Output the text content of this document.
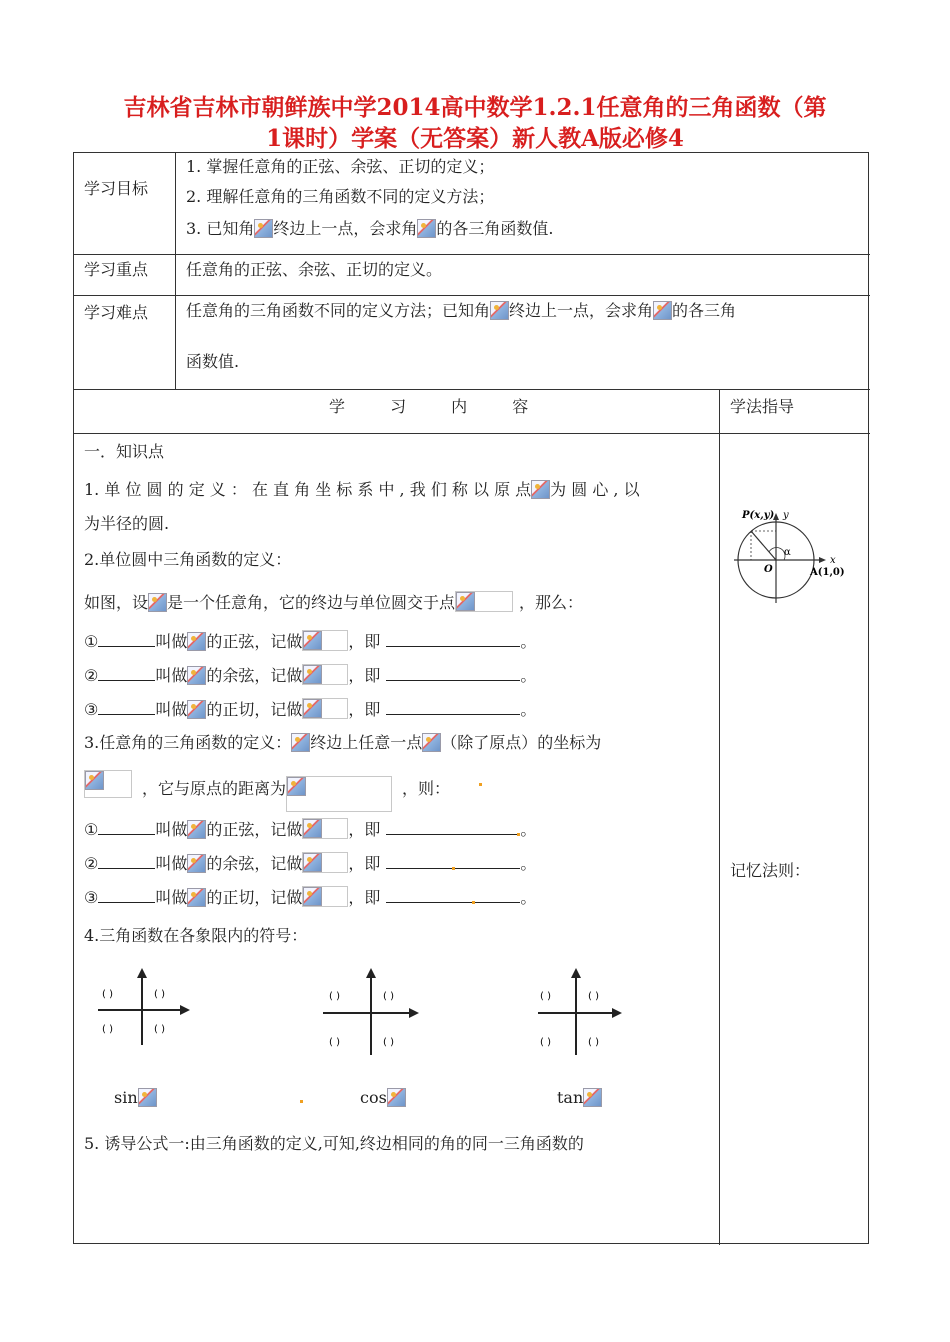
吉林省吉林市朝鲜族中学2014高中数学1.2.1任意角的三角函数（第
1课时）学案（无答案）新人教A版必修4
学习目标
1. 掌握任意角的正弦、余弦、正切的定义；
2. 理解任意角的三角函数不同的定义方法；
3. 已知角 终边上一点，会求角 的各三角函数值.
学习重点 任意角的正弦、余弦、正切的定义。
学习难点 任意角的三角函数不同的定义方法；已知角 终边上一点，会求角 的各三角
函数值.
学 习 内 容	学法指导
一．知识点
1. 单 位 圆 的 定 义 ： 在 直 角 坐 标 系 中 , 我 们 称 以 原 点 为 圆 心 , 以
为半径的圆.
2.单位圆中三角函数的定义：
如图，设 是一个任意角，它的终边与单位圆交于点	，那么：
①	叫做 的正弦，记做	，即	。
②	叫做 的余弦，记做	，即	。
③	叫做 的正切，记做	，即	。
3.任意角的三角函数的定义： 终边上任意一点 （除了原点）的坐标为
，它与原点的距离为	，则：
①	叫做 的正弦，记做	，即	。
②	叫做 的余弦，记做	，即	。
③	叫做 的正切，记做	，即	。
4.三角函数在各象限内的符号：
( )	( )
( )	( )
( )	( )
( )	( )
( )	( )
( )	( )
sin	cos	tan
5. 诱导公式一:由三角函数的定义,可知,终边相同的角的同一三角函数的
P(x,y) y
x
α
O	A(1,0)
记忆法则：
